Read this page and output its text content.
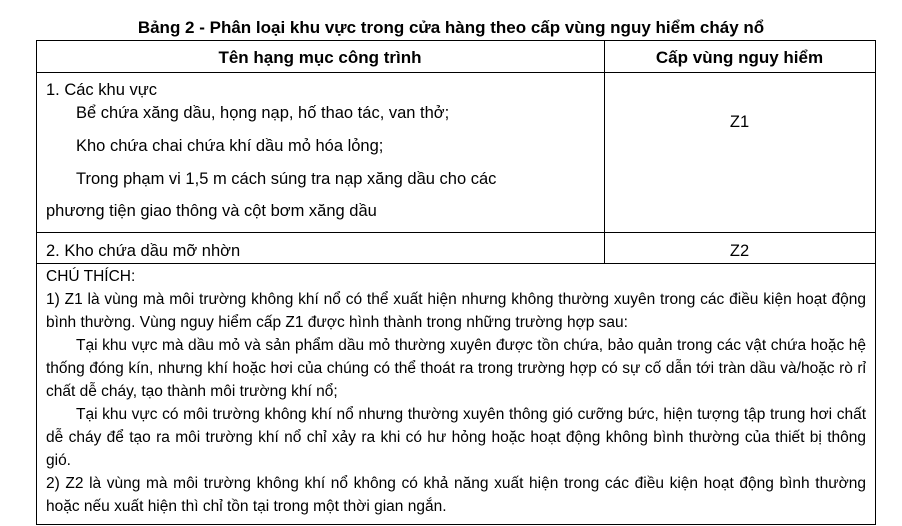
Bảng 2 - Phân loại khu vực trong cửa hàng theo cấp vùng nguy hiểm cháy nổ
Tên hạng mục công trình	Cấp vùng nguy hiểm
1. Các khu vực
Bể chứa xăng dầu, họng nạp, hố thao tác, van thở;
Kho chứa chai chứa khí dầu mỏ hóa lỏng;
Trong phạm vi 1,5 m cách súng tra nạp xăng dầu cho các
phương tiện giao thông và cột bơm xăng dầu
Z1
2. Kho chứa dầu mỡ nhờn	Z2

CHÚ THÍCH:

1) Z1 là vùng mà môi trường không khí nổ có thể xuất hiện nhưng không thường xuyên trong các điều kiện hoạt động bình thường. Vùng nguy hiểm cấp Z1 được hình thành trong những trường hợp sau:

Tại khu vực mà dầu mỏ và sản phẩm dầu mỏ thường xuyên được tồn chứa, bảo quản trong các vật chứa hoặc hệ thống đóng kín, nhưng khí hoặc hơi của chúng có thể thoát ra trong trường hợp có sự cố dẫn tới tràn dầu và/hoặc rò rỉ chất dễ cháy, tạo thành môi trường khí nổ;

Tại khu vực có môi trường không khí nổ nhưng thường xuyên thông gió cưỡng bức, hiện tượng tập trung hơi chất dễ cháy để tạo ra môi trường khí nổ chỉ xảy ra khi có hư hỏng hoặc hoạt động không bình thường của thiết bị thông gió.

2) Z2 là vùng mà môi trường không khí nổ không có khả năng xuất hiện trong các điều kiện hoạt động bình thường hoặc nếu xuất hiện thì chỉ tồn tại trong một thời gian ngắn.
